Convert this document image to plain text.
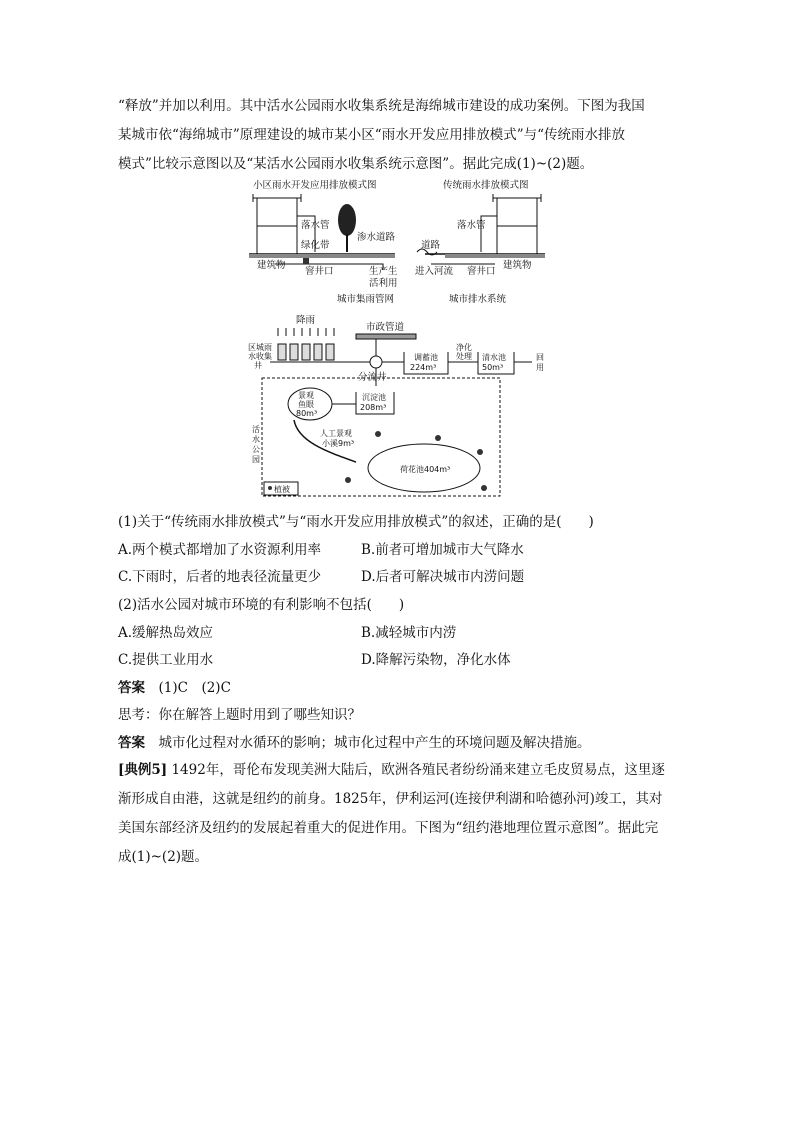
“释放”并加以利用。其中活水公园雨水收集系统是海绵城市建设的成功案例。下图为我国
某城市依“海绵城市”原理建设的城市某小区“雨水开发应用排放模式”与“传统雨水排放
模式”比较示意图以及“某活水公园雨水收集系统示意图”。据此完成(1)~(2)题。
小区雨水开发应用排放模式图	传统雨水排放模式图
落水管
绿化带
渗水道路
建筑物
窨井口	生产生
活利用
城市集雨管网
落水管
道路
进入河流 窨井口
建筑物
城市排水系统
降雨
市政管道
区城雨
水收集
井
分流井
调蓄池
224m³
净化
处理 清水池
50m³
回
用
活
水
公
园
景观
鱼眼
80m³
沉淀池
208m³
人工景观
小溪9m³
荷花池404m³
植被
(1)关于“传统雨水排放模式”与“雨水开发应用排放模式”的叙述，正确的是(　　)
A.两个模式都增加了水资源利用率	B.前者可增加城市大气降水
C.下雨时，后者的地表径流量更少	D.后者可解决城市内涝问题
(2)活水公园对城市环境的有利影响不包括(　　)
A.缓解热岛效应	B.减轻城市内涝
C.提供工业用水	D.降解污染物，净化水体
答案　 (1)C　(2)C
思考：你在解答上题时用到了哪些知识？
答案　 城市化过程对水循环的影响；城市化过程中产生的环境问题及解决措施。
[典例5] 1492年，哥伦布发现美洲大陆后，欧洲各殖民者纷纷涌来建立毛皮贸易点，这里逐
渐形成自由港，这就是纽约的前身。1825年，伊利运河(连接伊利湖和哈德孙河)竣工，其对
美国东部经济及纽约的发展起着重大的促进作用。下图为“纽约港地理位置示意图”。据此完
成(1)~(2)题。
